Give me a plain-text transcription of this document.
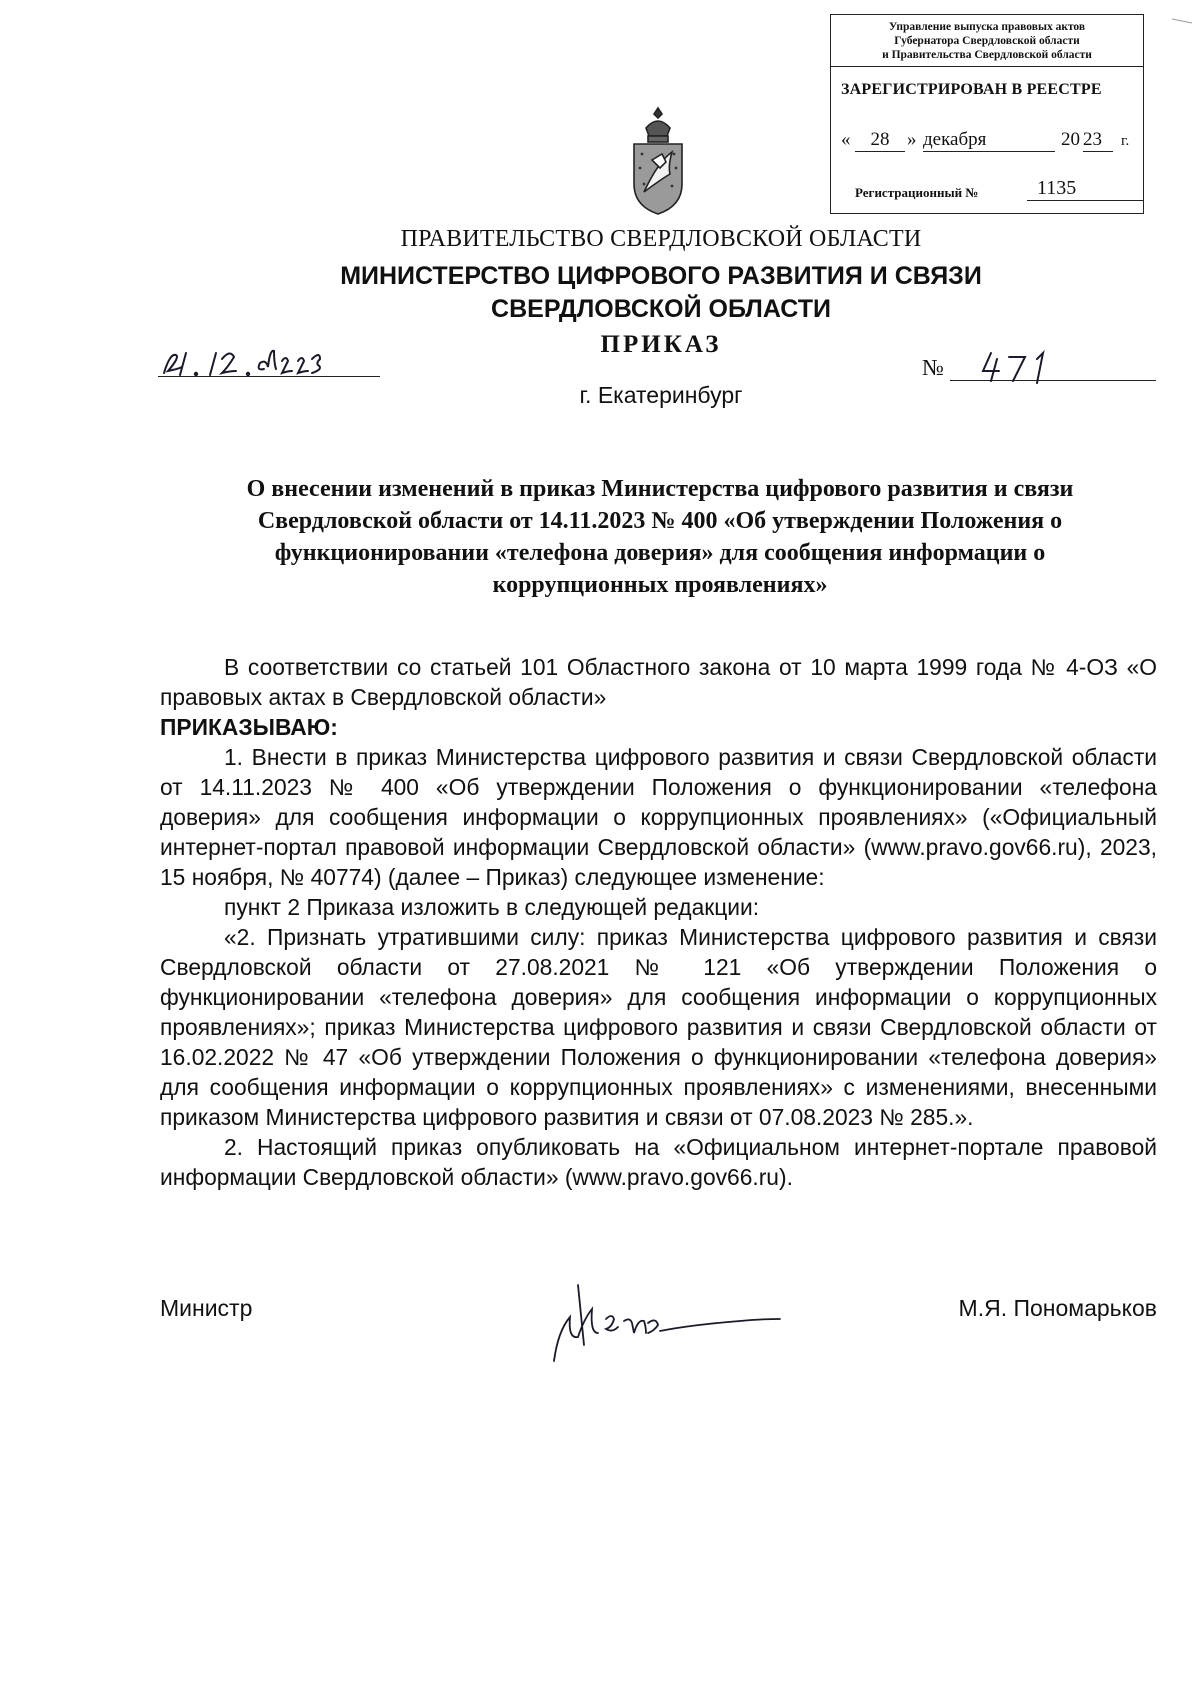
Управление выпуска правовых актов
Губернатора Свердловской области
и Правительства Свердловской области
ЗАРЕГИСТРИРОВАН В РЕЕСТРЕ
«	28 » декабря	20 23	г.
Регистрационный №	1135
ПРАВИТЕЛЬСТВО СВЕРДЛОВСКОЙ ОБЛАСТИ
МИНИСТЕРСТВО ЦИФРОВОГО РАЗВИТИЯ И СВЯЗИ
СВЕРДЛОВСКОЙ ОБЛАСТИ
ПРИКАЗ
№
г. Екатеринбург
О внесении изменений в приказ Министерства цифрового развития и связи
Свердловской области от 14.11.2023 № 400 «Об утверждении Положения о
функционировании «телефона доверия» для сообщения информации о
коррупционных проявлениях»

В соответствии со статьей 101 Областного закона от 10 марта 1999 года № 4-ОЗ «О правовых актах в Свердловской области»

ПРИКАЗЫВАЮ:

1. Внести в приказ Министерства цифрового развития и связи Свердловской области от 14.11.2023 № 400 «Об утверждении Положения о функционировании «телефона доверия» для сообщения информации о коррупционных проявлениях» («Официальный интернет-портал правовой информации Свердловской области» (www.pravo.gov66.ru), 2023, 15 ноября, № 40774) (далее – Приказ) следующее изменение:

пункт 2 Приказа изложить в следующей редакции:

«2. Признать утратившими силу: приказ Министерства цифрового развития и связи Свердловской области от 27.08.2021 № 121 «Об утверждении Положения о функционировании «телефона доверия» для сообщения информации о коррупционных проявлениях»; приказ Министерства цифрового развития и связи Свердловской области от 16.02.2022 № 47 «Об утверждении Положения о функционировании «телефона доверия» для сообщения информации о коррупционных проявлениях» с изменениями, внесенными приказом Министерства цифрового развития и связи от 07.08.2023 № 285.».

2. Настоящий приказ опубликовать на «Официальном интернет-портале правовой информации Свердловской области» (www.pravo.gov66.ru).

Министр	М.Я. Пономарьков
